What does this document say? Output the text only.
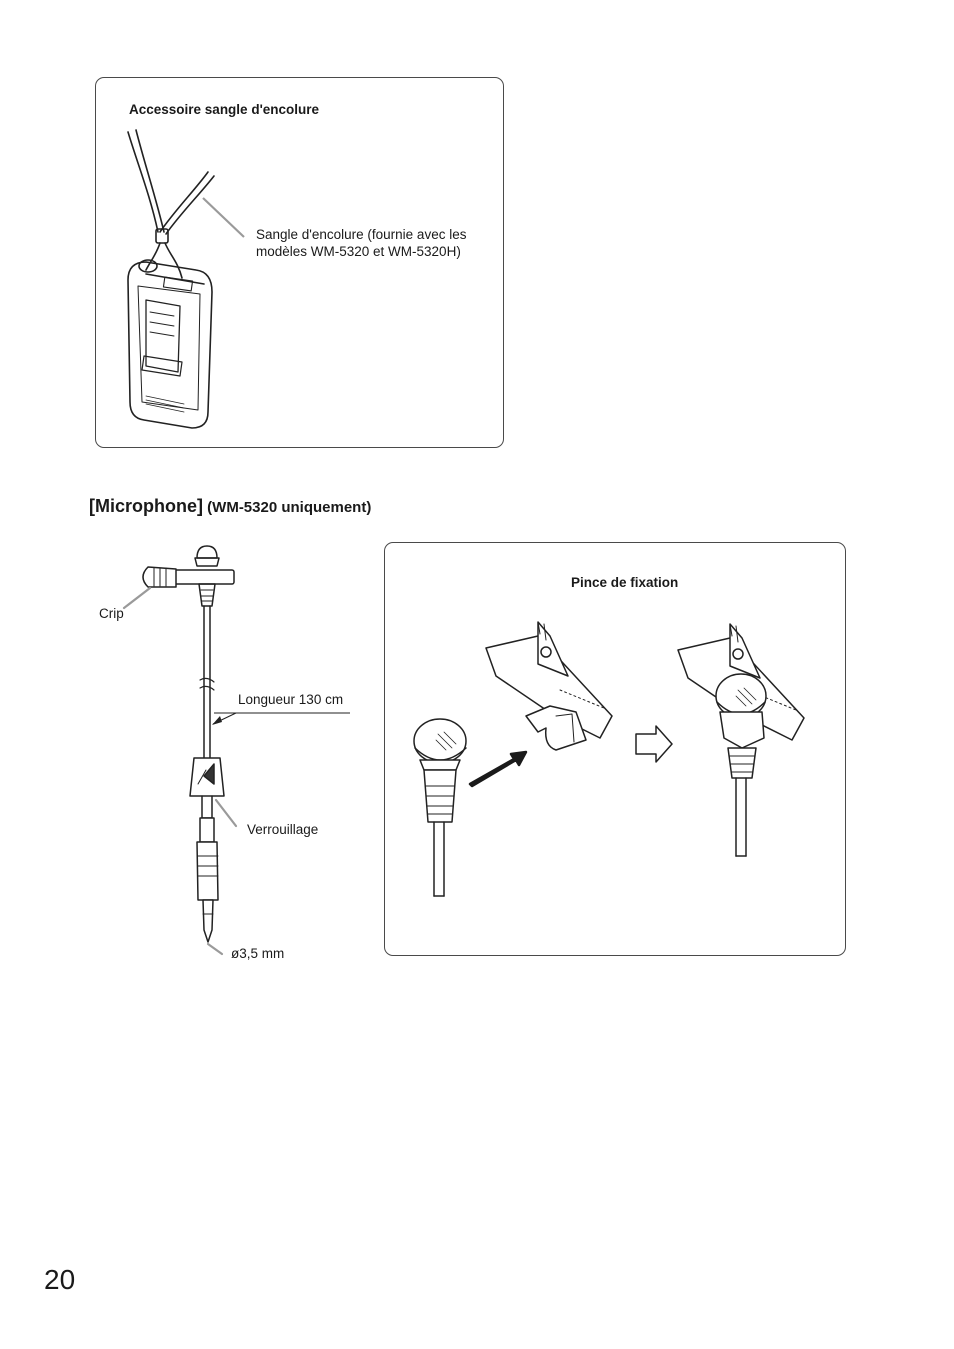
Accessoire sangle d'encolure
Sangle d'encolure (fournie avec les
modèles WM-5320 et WM-5320H)
[Microphone] (WM-5320 uniquement)
Crip
Longueur 130 cm
Verrouillage
ø3,5 mm
Pince de fixation
20
